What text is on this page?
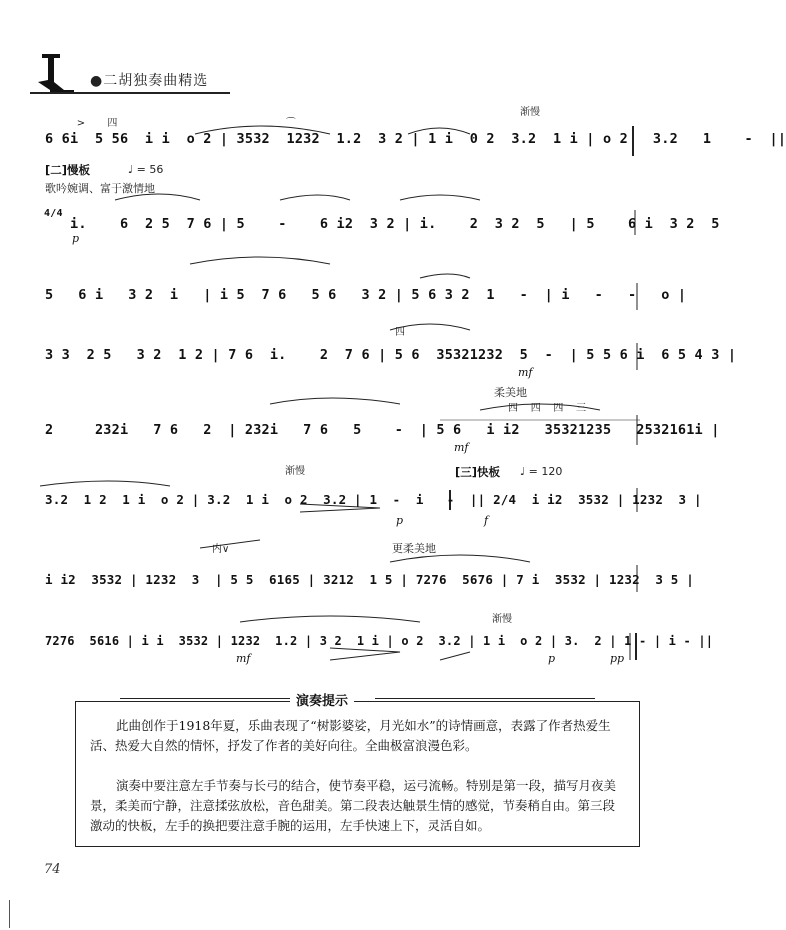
●二胡独奏曲精选
渐慢
>       四                                                     ⌒
6 6i  5 56  i i  o 2 | 3532  1232  1.2  3 2 | 1 i  0 2  3.2  1 i | o 2   3.2   1    -  ||
[二]慢板	♩ = 56
歌吟婉调、富于激情地
4/4
i.    6  2 5  7 6 | 5    -    6 i2  3 2 | i.    2  3 2  5   | 5    6 i  3 2  5
p
5   6 i   3 2  i   | i 5  7 6   5 6   3 2 | 5 6 3 2  1   -  | i   -   -   o |
四
3 3  2 5   3 2  1 2 | 7 6  i.    2  7 6 | 5 6  35321232  5  -  | 5 5 6 i  6 5 4 3 |
mf
柔美地
四    四    四    三
2     232i   7 6   2  | 232i   7 6   5    -  | 5 6   i i2   35321235   2532161i |
mf
渐慢	[三]快板 ♩ = 120
3.2  1 2  1 i  o 2 | 3.2  1 i  o 2  3.2 | 1  -  i   -  || 2/4  i i2  3532 | 1232  3 |
p	f
内∨	更柔美地
i i2  3532 | 1232  3  | 5 5  6165 | 3212  1 5 | 7276  5676 | 7 i  3532 | 1232  3 5 |
渐慢
7276  5616 | i i  3532 | 1232  1.2 | 3 2  1 i | o 2  3.2 | 1 i  o 2 | 3.  2 | 1 - | i - ||
mf	p	pp
演奏提示
此曲创作于1918年夏，乐曲表现了“树影婆娑，月光如水”的诗情画意，表露了作者热爱生活、热爱大自然的情怀，抒发了作者的美好向往。全曲极富浪漫色彩。
演奏中要注意左手节奏与长弓的结合，使节奏平稳，运弓流畅。特别是第一段，描写月夜美景，柔美而宁静，注意揉弦放松，音色甜美。第二段表达触景生情的感觉，节奏稍自由。第三段激动的快板，左手的换把要注意手腕的运用，左手快速上下，灵活自如。
74
